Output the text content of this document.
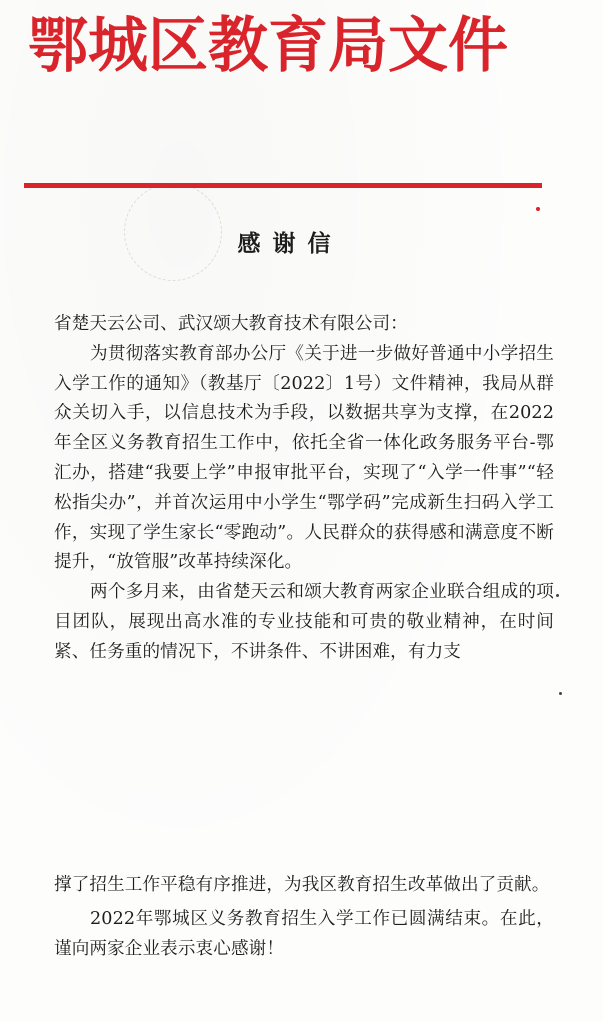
鄂城区教育局文件
感谢信

省楚天云公司、武汉颂大教育技术有限公司：

为贯彻落实教育部办公厅《关于进一步做好普通中小学招生入学工作的通知》（教基厅〔2022〕1号）文件精神，我局从群众关切入手，以信息技术为手段，以数据共享为支撑，在2022年全区义务教育招生工作中，依托全省一体化政务服务平台-鄂汇办，搭建“我要上学”申报审批平台，实现了“入学一件事”“轻松指尖办”，并首次运用中小学生“鄂学码”完成新生扫码入学工作，实现了学生家长“零跑动”。人民群众的获得感和满意度不断提升，“放管服”改革持续深化。

两个多月来，由省楚天云和颂大教育两家企业联合组成的项目团队，展现出高水准的专业技能和可贵的敬业精神，在时间紧、任务重的情况下，不讲条件、不讲困难，有力支

撑了招生工作平稳有序推进，为我区教育招生改革做出了贡献。

2022年鄂城区义务教育招生入学工作已圆满结束。在此，谨向两家企业表示衷心感谢！
